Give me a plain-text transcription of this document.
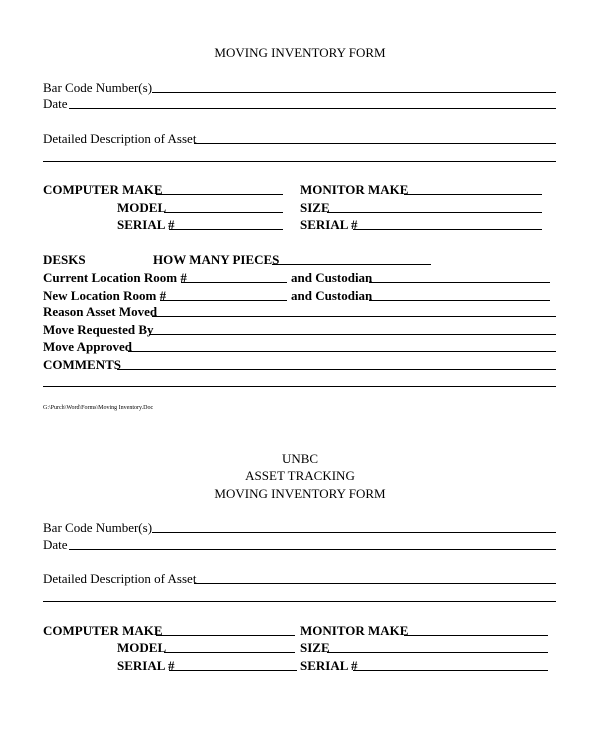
MOVING INVENTORY FORM
Bar Code Number(s)
Date
Detailed Description of Asset
COMPUTER MAKE	MONITOR MAKE
MODEL	SIZE
SERIAL #	SERIAL #
DESKS	HOW MANY PIECES
Current Location Room #	and Custodian
New Location Room #	and Custodian
Reason Asset Moved
Move Requested By
Move Approved
COMMENTS
G:\Purch\Word\Forms\Moving Inventory.Doc
UNBC
ASSET TRACKING
MOVING INVENTORY FORM
Bar Code Number(s)
Date
Detailed Description of Asset
COMPUTER MAKE	MONITOR MAKE
MODEL	SIZE
SERIAL #	SERIAL #
